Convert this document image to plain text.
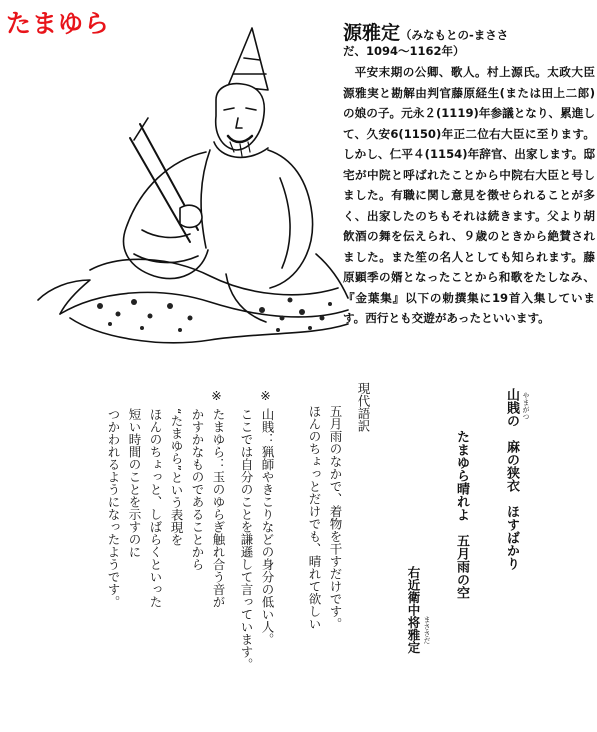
たまゆら	源雅定（みなもとの-まささ
だ、1094〜1162年）
平安末期の公卿、歌人。村上源氏。太政大臣源雅実と勘解由判官藤原経生(または田上二郎)の娘の子。元永２(1119)年参議となり、累進して、久安6(1150)年正二位右大臣に至ります。しかし、仁平４(1154)年辞官、出家します。邸宅が中院と呼ばれたことから中院右大臣と号しました。有職に関し意見を徴せられることが多く、出家したのちもそれは続きます。父より胡飲酒の舞を伝えられ、９歳のときから絶賛されました。また笙の名人としても知られます。藤原顕季の婿となったことから和歌をたしなみ、『金葉集』以下の勅撰集に19首入集しています。西行とも交遊があったといいます。
山賎の　麻の狭衣　ほすばかり やまがつ
たまゆら晴れよ　五月雨の空
右近衛中将雅定 まささだ
現代語訳
五月雨のなかで、着物を干すだけです。
ほんのちょっとだけでも、晴れて欲しい
※
山賎：猟師やきこりなどの身分の低い人。
ここでは自分のことを謙遜して言っています。
※
たまゆら：玉のゆらぎ触れ合う音が
かすかなものであることから
“たまゆら”という表現を
ほんのちょっと、しばらくといった
短い時間のことを示すのに
つかわれるようになったようです。
